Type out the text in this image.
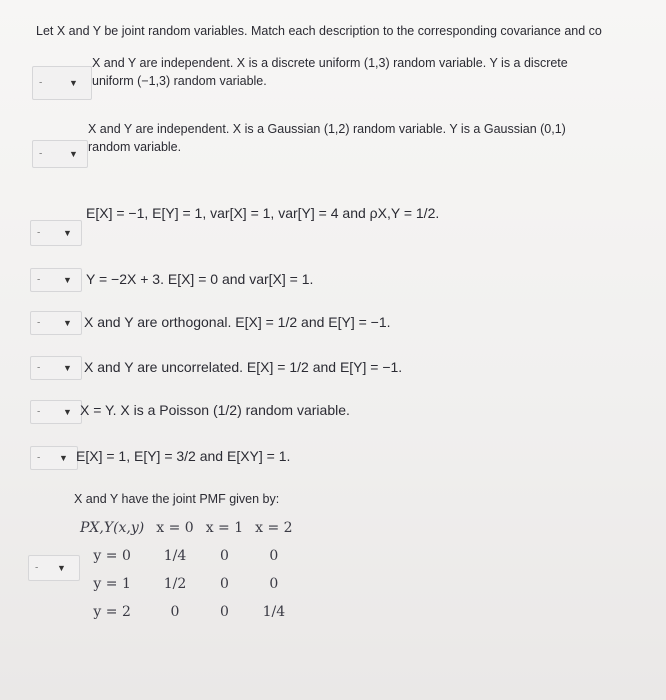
Let X and Y be joint random variables. Match each description to the corresponding covariance and co
-	▼
X and Y are independent. X is a discrete uniform (1,3) random variable. Y is a discrete
uniform (−1,3) random variable.
-	▼
X and Y are independent. X is a Gaussian (1,2) random variable. Y is a Gaussian (0,1)
random variable.
-	▼
E[X] = −1, E[Y] = 1, var[X] = 1, var[Y] = 4 and ρX,Y = 1/2.
-	▼ Y = −2X + 3. E[X] = 0 and var[X] = 1.
-	▼ X and Y are orthogonal. E[X] = 1/2 and E[Y] = −1.
-	▼ X and Y are uncorrelated. E[X] = 1/2 and E[Y] = −1.
-	▼ X = Y. X is a Poisson (1/2) random variable.
- ▼ E[X] = 1, E[Y] = 3/2 and E[XY] = 1.
- ▼
X and Y have the joint PMF given by:
PX,Y(x,y)	x = 0	x = 1	x = 2
y = 0	1/4	0	0
y = 1	1/2	0	0
y = 2	0	0	1/4
